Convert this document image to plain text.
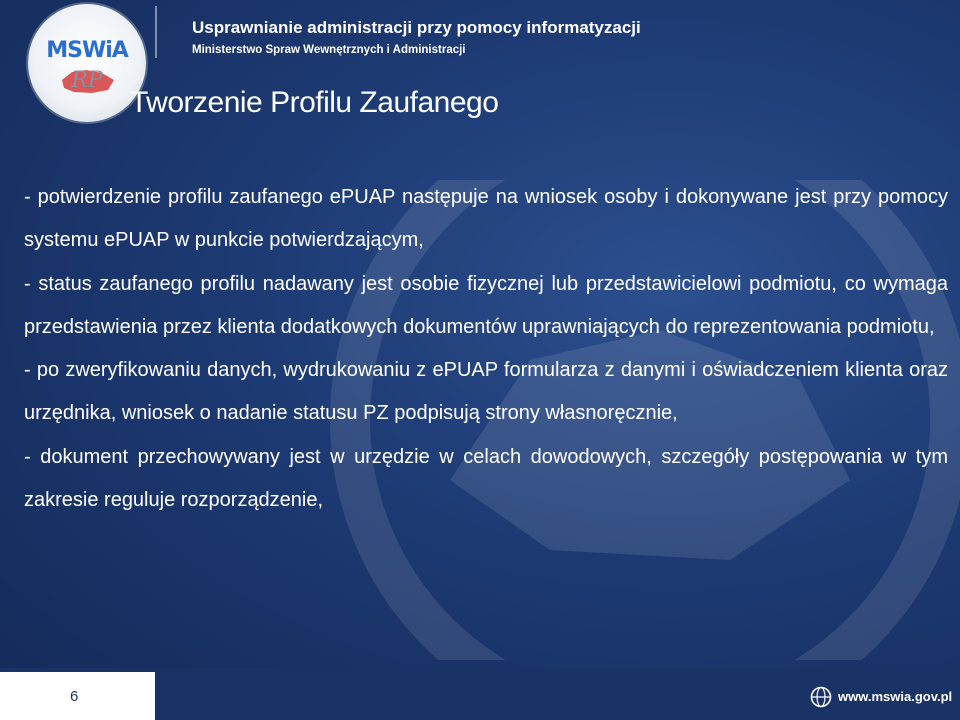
MSWiA
RP
Usprawnianie administracji przy pomocy informatyzacji
Ministerstwo Spraw Wewnętrznych i Administracji
Tworzenie Profilu Zaufanego

- potwierdzenie profilu zaufanego ePUAP następuje na wniosek osoby i dokonywane jest przy pomocy systemu ePUAP w punkcie potwierdzającym,

- status zaufanego profilu nadawany jest osobie fizycznej lub przedstawicielowi podmiotu, co wymaga przedstawienia przez klienta dodatkowych dokumentów uprawniających do reprezentowania podmiotu,

- po zweryfikowaniu danych, wydrukowaniu z ePUAP formularza z danymi i oświadczeniem klienta oraz urzędnika, wniosek o nadanie statusu PZ podpisują strony własnoręcznie,

- dokument przechowywany jest w urzędzie w celach dowodowych, szczegóły postępowania w tym zakresie reguluje rozporządzenie,

6	www.mswia.gov.pl
